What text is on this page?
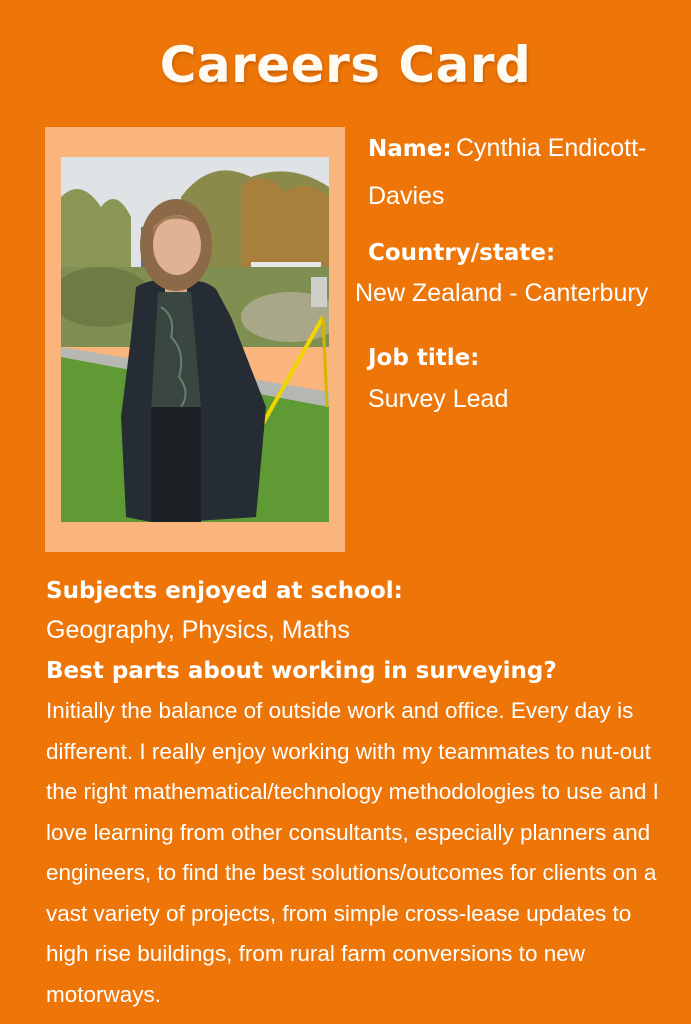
Careers Card
Name: Cynthia Endicott-Davies
Country/state:
New Zealand - Canterbury
Job title:
Survey Lead
Subjects enjoyed at school:
Geography, Physics, Maths
Best parts about working in surveying?
Initially the balance of outside work and office. Every day is different. I really enjoy working with my teammates to nut-out the right mathematical/technology methodologies to use and I love learning from other consultants, especially planners and engineers, to find the best solutions/outcomes for clients on a vast variety of projects, from simple cross-lease updates to high rise buildings, from rural farm conversions to new motorways.
